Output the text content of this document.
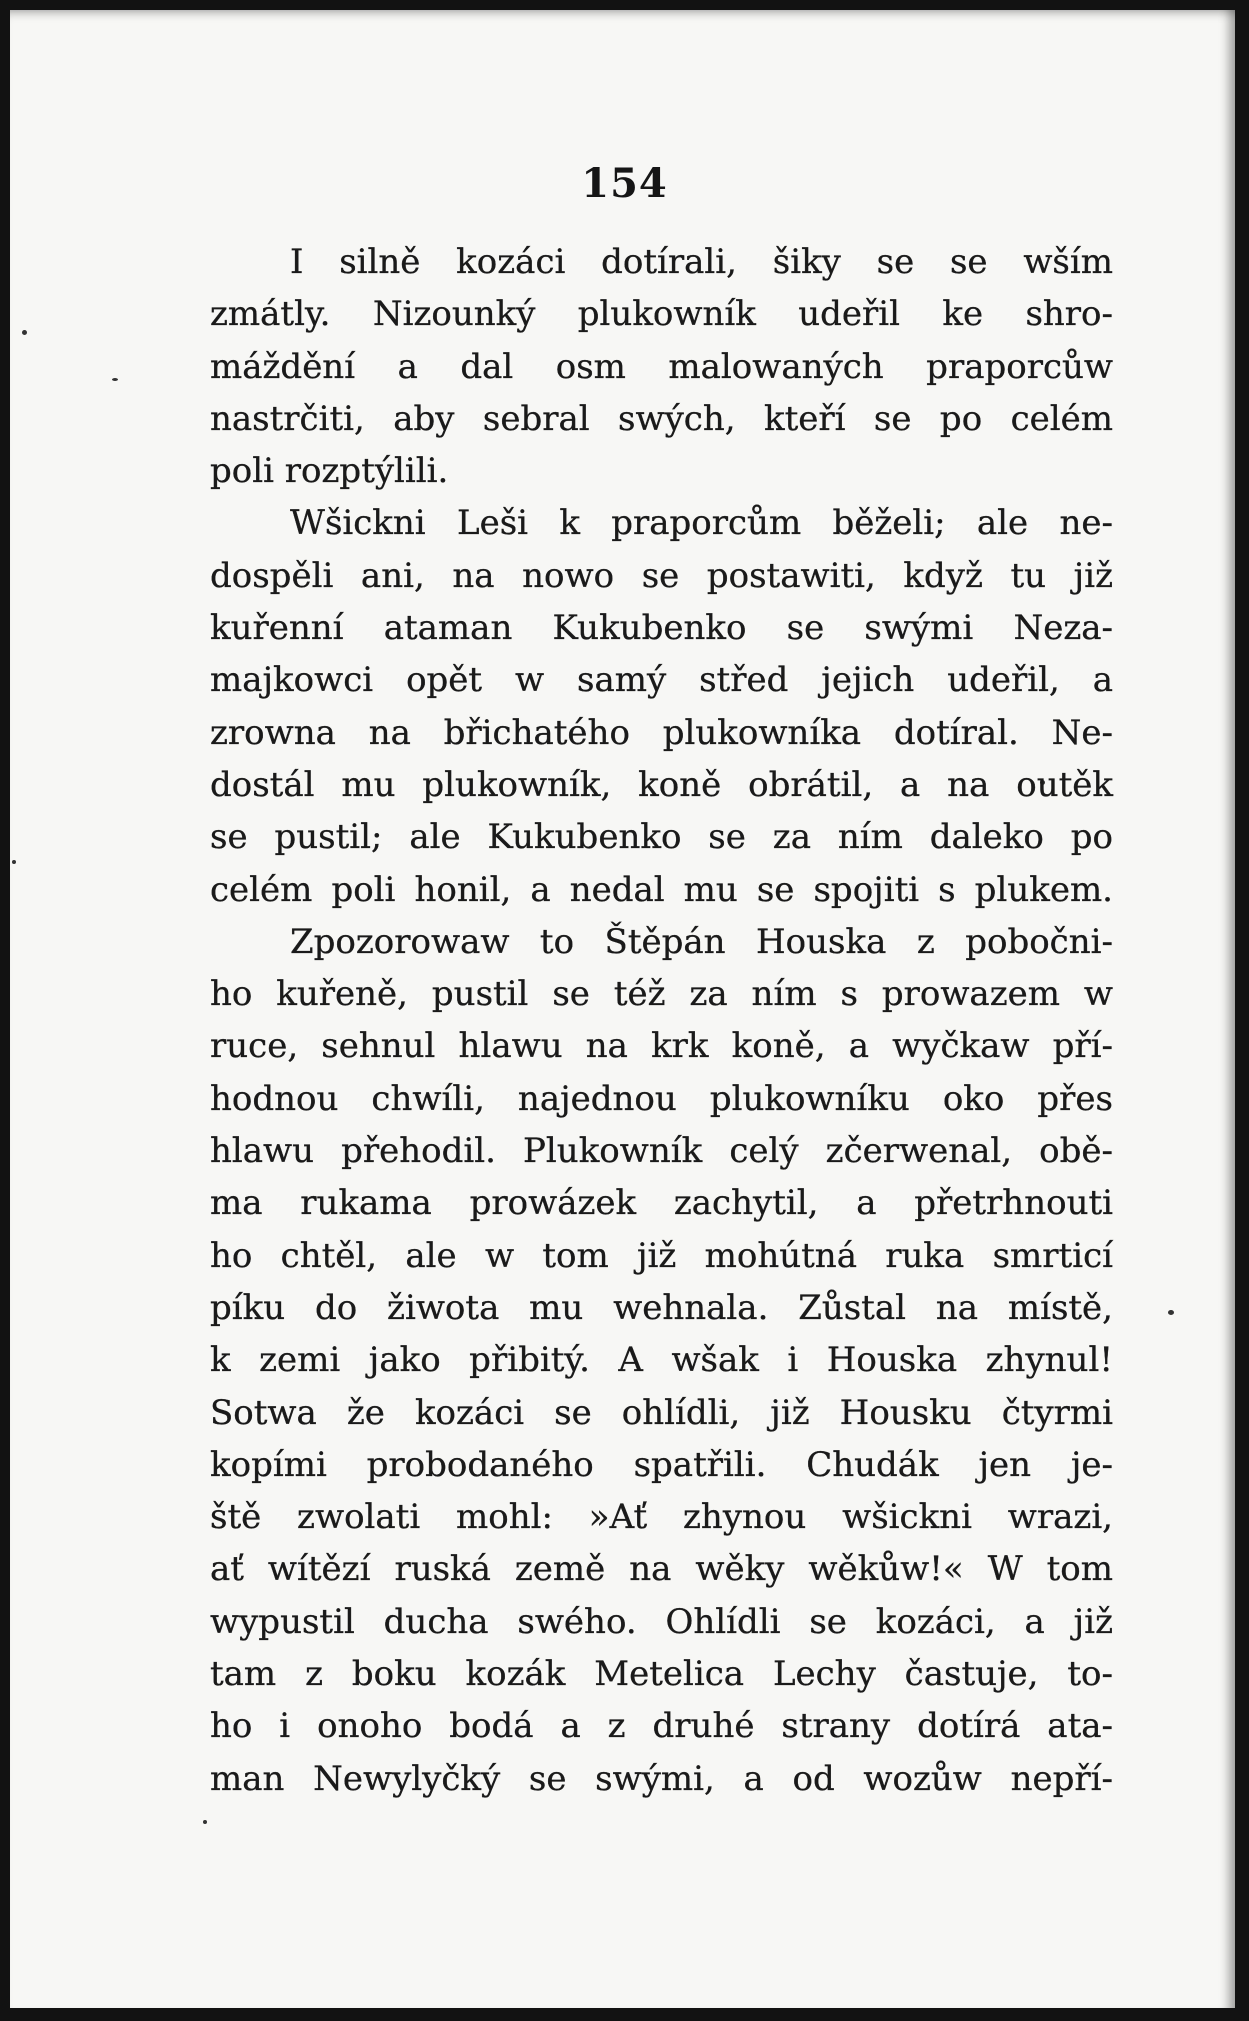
154
I silně kozáci dotírali, šiky se se wším
zmátly. Nizounký plukowník udeřil ke shro-
máždění a dal osm malowaných praporcůw
nastrčiti, aby sebral swých, kteří se po celém
poli rozptýlili.
Wšickni Leši k praporcům běželi; ale ne-
dospěli ani, na nowo se postawiti, když tu již
kuřenní ataman Kukubenko se swými Neza-
majkowci opět w samý střed jejich udeřil, a
zrowna na břichatého plukowníka dotíral. Ne-
dostál mu plukowník, koně obrátil, a na outěk
se pustil; ale Kukubenko se za ním daleko po
celém poli honil, a nedal mu se spojiti s plukem.
Zpozorowaw to Štěpán Houska z pobočni-
ho kuřeně, pustil se též za ním s prowazem w
ruce, sehnul hlawu na krk koně, a wyčkaw pří-
hodnou chwíli, najednou plukowníku oko přes
hlawu přehodil. Plukowník celý zčerwenal, obě-
ma rukama prowázek zachytil, a přetrhnouti
ho chtěl, ale w tom již mohútná ruka smrticí
píku do žiwota mu wehnala. Zůstal na místě,
k zemi jako přibitý. A wšak i Houska zhynul!
Sotwa že kozáci se ohlídli, již Housku čtyrmi
kopími probodaného spatřili. Chudák jen je-
ště zwolati mohl: »Ať zhynou wšickni wrazi,
ať wítězí ruská země na wěky wěkůw!« W tom
wypustil ducha swého. Ohlídli se kozáci, a již
tam z boku kozák Metelica Lechy častuje, to-
ho i onoho bodá a z druhé strany dotírá ata-
man Newylyčký se swými, a od wozůw nepří-
